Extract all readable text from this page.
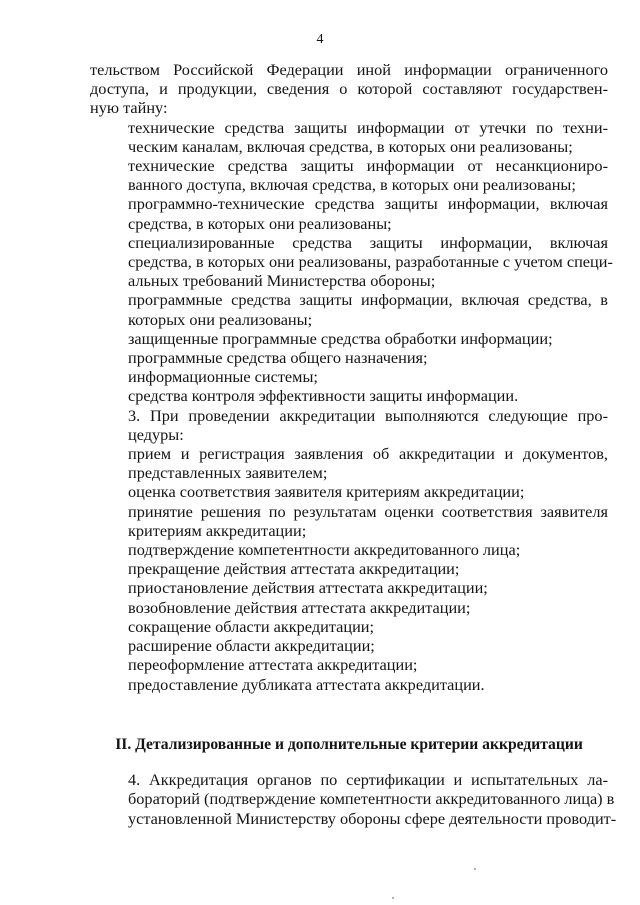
4

тельством Российской Федерации иной информации ограниченного
доступа, и продукции, сведения о которой составляют государствен-
ную тайну:

технические средства защиты информации от утечки по техни-
ческим каналам, включая средства, в которых они реализованы;

технические средства защиты информации от несанкциониро-
ванного доступа, включая средства, в которых они реализованы;

программно-технические средства защиты информации, включая
средства, в которых они реализованы;

специализированные средства защиты информации, включая
средства, в которых они реализованы, разработанные с учетом специ-
альных требований Министерства обороны;

программные средства защиты информации, включая средства, в
которых они реализованы;

защищенные программные средства обработки информации;

программные средства общего назначения;

информационные системы;

средства контроля эффективности защиты информации.

3. При проведении аккредитации выполняются следующие про-
цедуры:

прием и регистрация заявления об аккредитации и документов,
представленных заявителем;

оценка соответствия заявителя критериям аккредитации;

принятие решения по результатам оценки соответствия заявителя
критериям аккредитации;

подтверждение компетентности аккредитованного лица;

прекращение действия аттестата аккредитации;

приостановление действия аттестата аккредитации;

возобновление действия аттестата аккредитации;

сокращение области аккредитации;

расширение области аккредитации;

переоформление аттестата аккредитации;

предоставление дубликата аттестата аккредитации.

II. Детализированные и дополнительные критерии аккредитации
4. Аккредитация органов по сертификации и испытательных ла-
бораторий (подтверждение компетентности аккредитованного лица) в
установленной Министерству обороны сфере деятельности проводит-
